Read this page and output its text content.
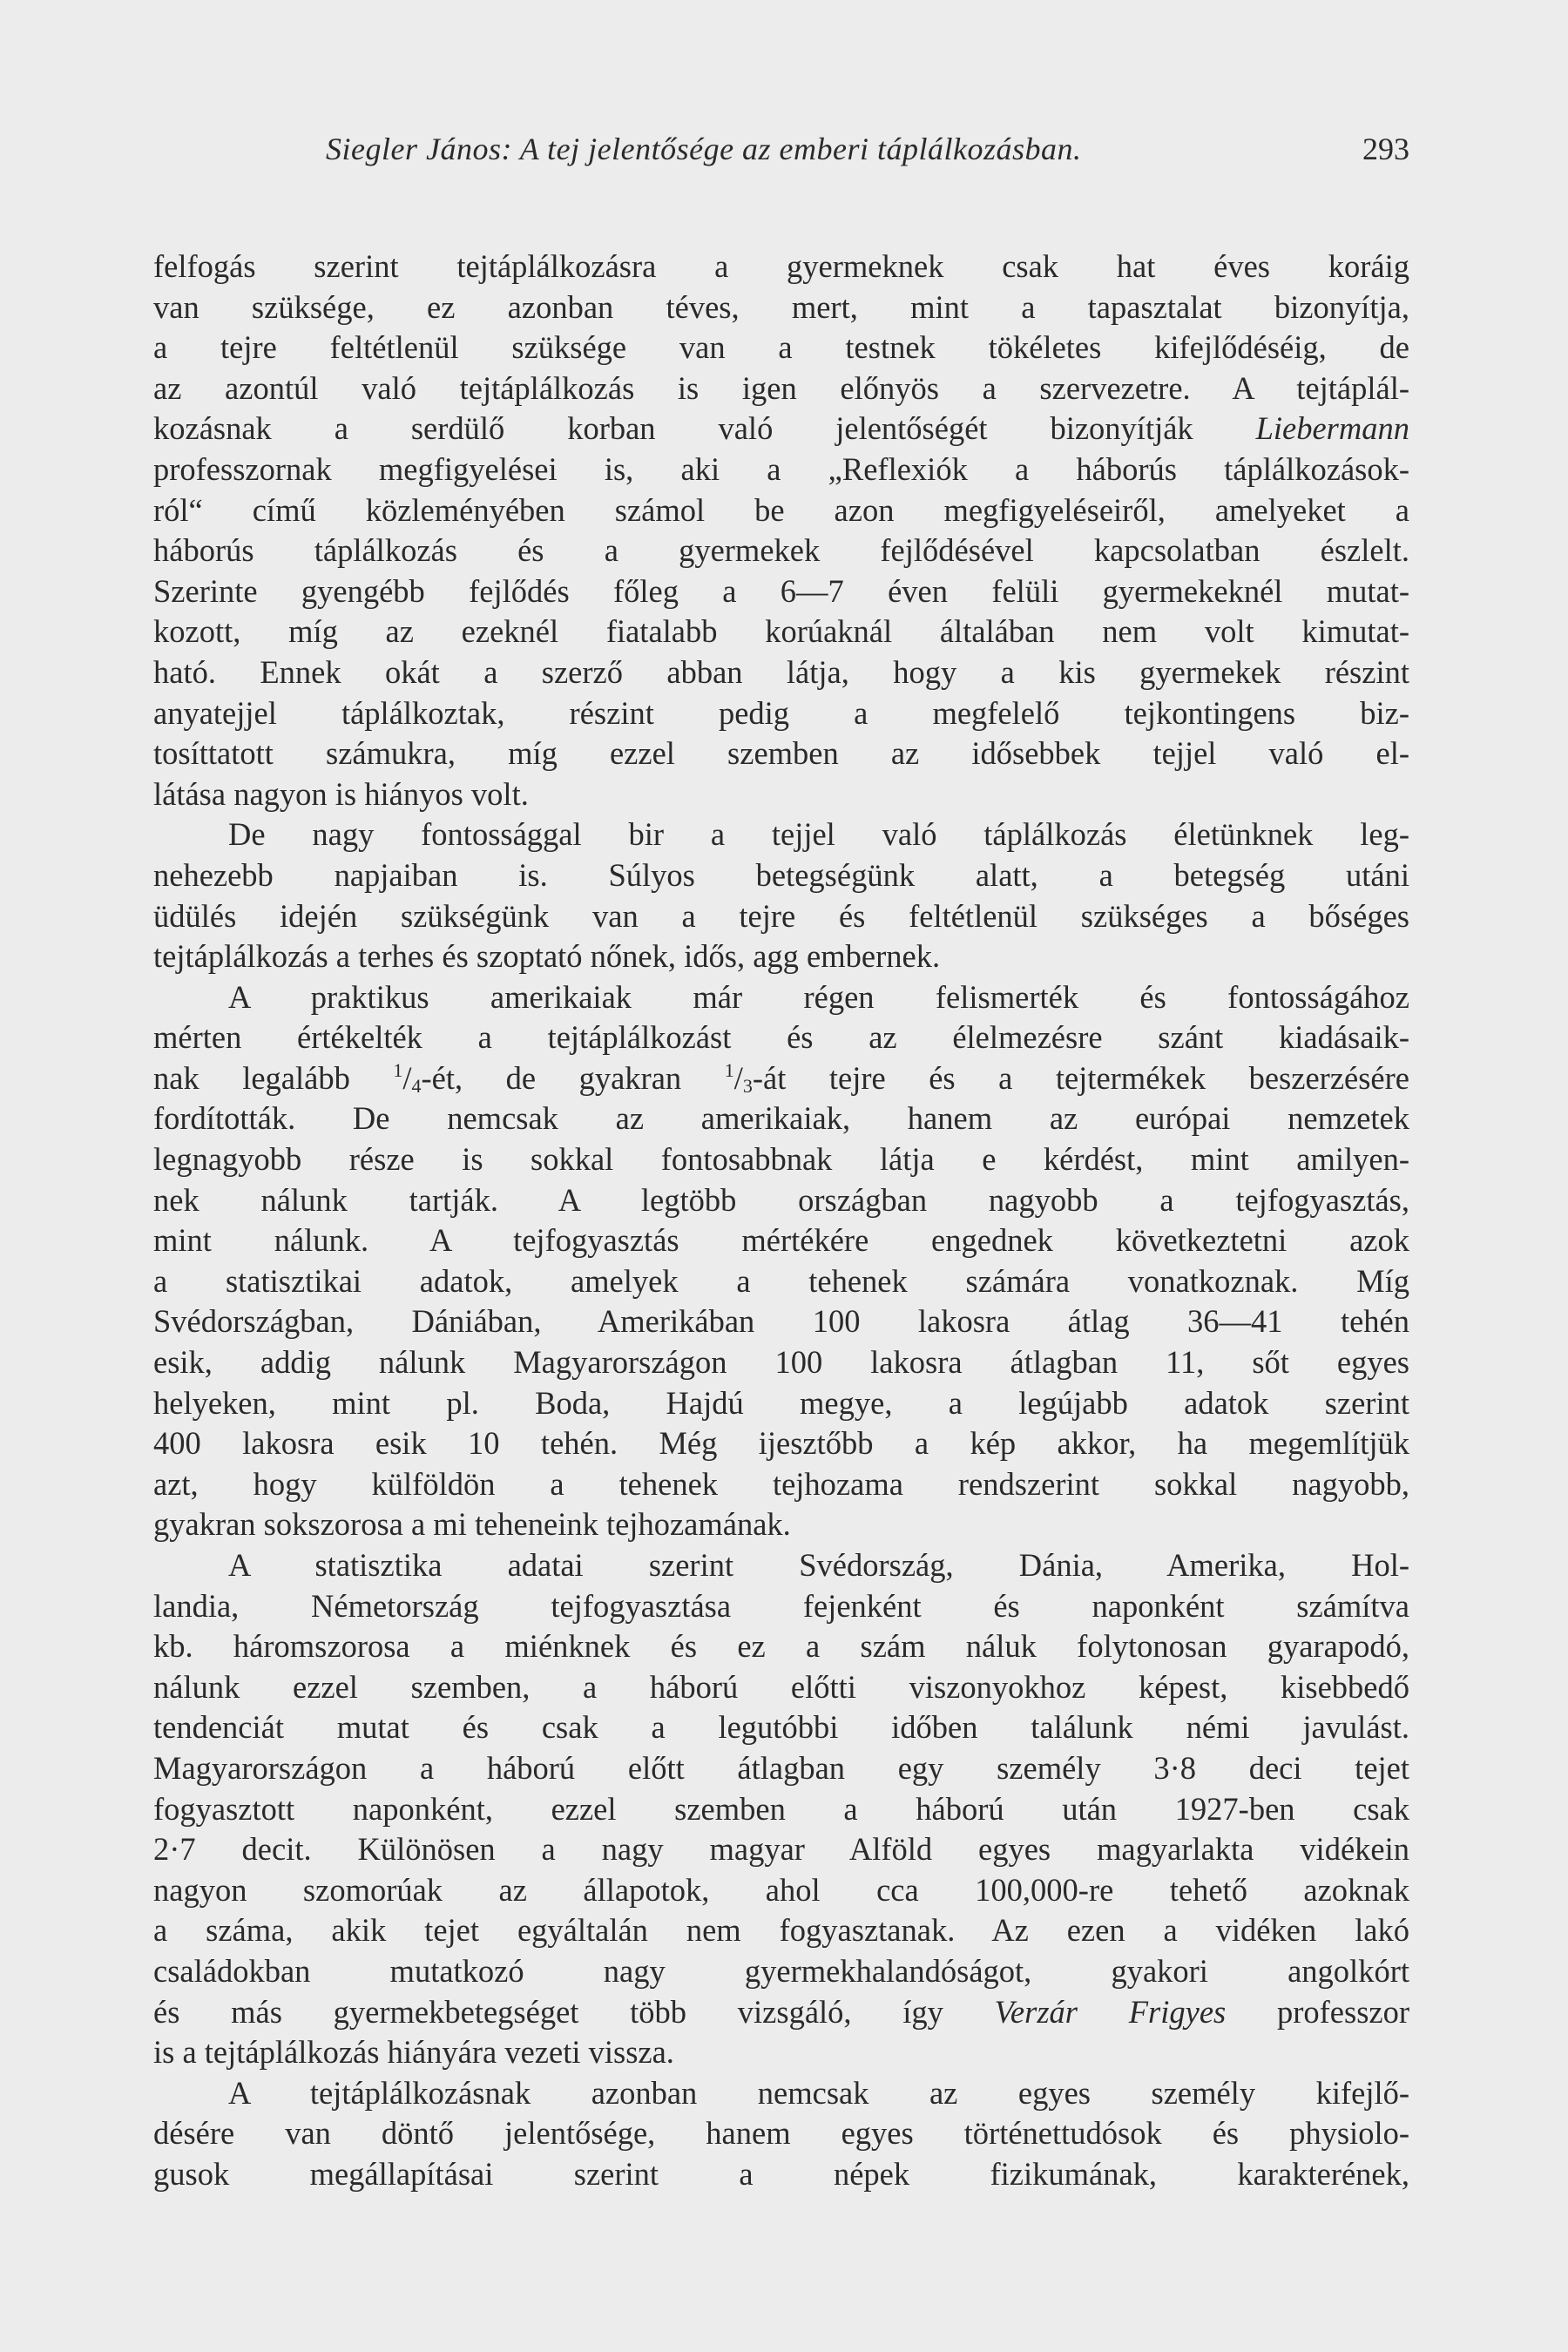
Siegler János: A tej jelentősége az emberi táplálkozásban.	293
felfogás szerint tejtáplálkozásra a gyermeknek csak hat éves koráig
van szüksége, ez azonban téves, mert, mint a tapasztalat bizonyítja,
a tejre feltétlenül szüksége van a testnek tökéletes kifejlődéséig, de
az azontúl való tejtáplálkozás is igen előnyös a szervezetre. A tejtáplál-
kozásnak a serdülő korban való jelentőségét bizonyítják Liebermann
professzornak megfigyelései is, aki a „Reflexiók a háborús táplálkozások-
ról“ című közleményében számol be azon megfigyeléseiről, amelyeket a
háborús táplálkozás és a gyermekek fejlődésével kapcsolatban észlelt.
Szerinte gyengébb fejlődés főleg a 6—7 éven felüli gyermekeknél mutat-
kozott, míg az ezeknél fiatalabb korúaknál általában nem volt kimutat-
ható. Ennek okát a szerző abban látja, hogy a kis gyermekek részint
anyatejjel táplálkoztak, részint pedig a megfelelő tejkontingens biz-
tosíttatott számukra, míg ezzel szemben az idősebbek tejjel való el-
látása nagyon is hiányos volt.
De nagy fontossággal bir a tejjel való táplálkozás életünknek leg-
nehezebb napjaiban is. Súlyos betegségünk alatt, a betegség utáni
üdülés idején szükségünk van a tejre és feltétlenül szükséges a bőséges
tejtáplálkozás a terhes és szoptató nőnek, idős, agg embernek.
A praktikus amerikaiak már régen felismerték és fontosságához
mérten értékelték a tejtáplálkozást és az élelmezésre szánt kiadásaik-
nak legalább $^1/_4-ét$, de gyakran $^1/_3-át$ tejre és a tejtermékek beszerzésére
fordították. De nemcsak az amerikaiak, hanem az európai nemzetek
legnagyobb része is sokkal fontosabbnak látja e kérdést, mint amilyen-
nek nálunk tartják. A legtöbb országban nagyobb a tejfogyasztás,
mint nálunk. A tejfogyasztás mértékére engednek következtetni azok
a statisztikai adatok, amelyek a tehenek számára vonatkoznak. Míg
Svédországban, Dániában, Amerikában 100 lakosra átlag 36—41 tehén
esik, addig nálunk Magyarországon 100 lakosra átlagban 11, sőt egyes
helyeken, mint pl. Boda, Hajdú megye, a legújabb adatok szerint
400 lakosra esik 10 tehén. Még ijesztőbb a kép akkor, ha megemlítjük
azt, hogy külföldön a tehenek tejhozama rendszerint sokkal nagyobb,
gyakran sokszorosa a mi teheneink tejhozamának.
A statisztika adatai szerint Svédország, Dánia, Amerika, Hol-
landia, Németország tejfogyasztása fejenként és naponként számítva
kb. háromszorosa a miénknek és ez a szám náluk folytonosan gyarapodó,
nálunk ezzel szemben, a háború előtti viszonyokhoz képest, kisebbedő
tendenciát mutat és csak a legutóbbi időben találunk némi javulást.
Magyarországon a háború előtt átlagban egy személy 3·8 deci tejet
fogyasztott naponként, ezzel szemben a háború után 1927-ben csak
2·7 decit. Különösen a nagy magyar Alföld egyes magyarlakta vidékein
nagyon szomorúak az állapotok, ahol cca 100,000-re tehető azoknak
a száma, akik tejet egyáltalán nem fogyasztanak. Az ezen a vidéken lakó
családokban mutatkozó nagy gyermekhalandóságot, gyakori angolkórt
és más gyermekbetegséget több vizsgáló, így Verzár Frigyes professzor
is a tejtáplálkozás hiányára vezeti vissza.
A tejtáplálkozásnak azonban nemcsak az egyes személy kifejlő-
désére van döntő jelentősége, hanem egyes történettudósok és physiolo-
gusok megállapításai szerint a népek fizikumának, karakterének,
